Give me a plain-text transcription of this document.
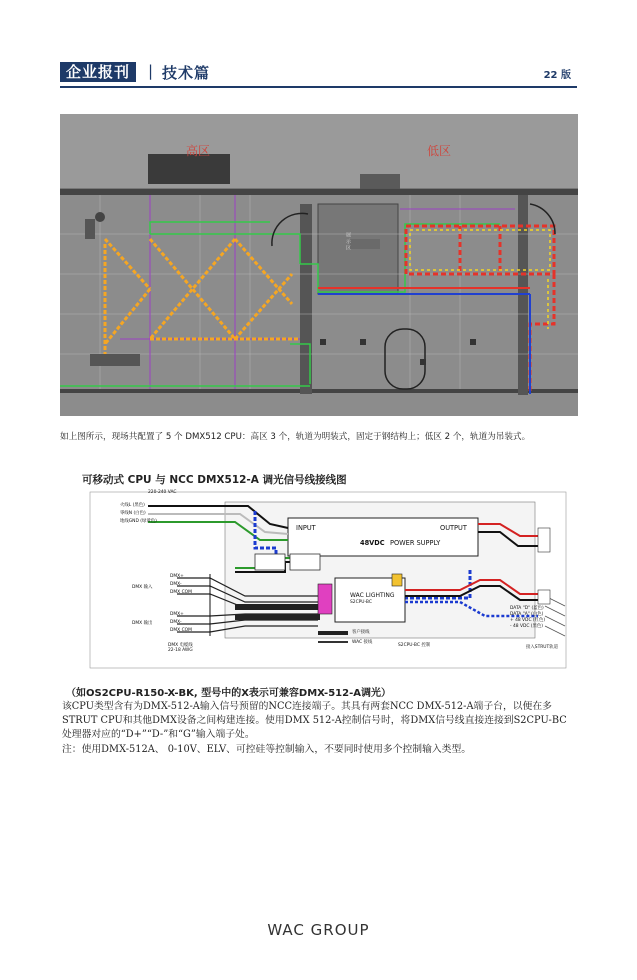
企业报刊	| 技术篇	22 版
高区	低区
展 示 区
如上图所示，现场共配置了 5 个 DMX512 CPU：高区 3 个，轨道为明装式，固定于钢结构上；低区 2 个，轨道为吊装式。
可移动式 CPU 与 NCC DMX512-A 调光信号线接线图
220-240 VAC
火线L (黑色)
零线N (白色)
地线GND (绿黄色)
DMX 输入
DMX+
DMX-
DMX COM
DMX 输出
DMX+
DMX-
DMX COM
DMX 电缆线
22-18 AWG
INPUT	OUTPUT
48VDC POWER SUPPLY
WAC LIGHTING
S2CPU-BC
S2CPU-BC 控制
客户接线
WAC 接线
DATA "D" (蓝色)
DATA "A" (白色)
+ 48 VDC (红色)
- 48 VDC (黑色)
接入STRUT轨道
（如OS2CPU-R150-X-BK, 型号中的X表示可兼容DMX-512-A调光）
该CPU类型含有为DMX-512-A输入信号预留的NCC连接端子。其具有两套NCC DMX-512-A端子台，以便在多STRUT CPU和其他DMX设备之间构建连接。使用DMX 512-A控制信号时，将DMX信号线直接连接到S2CPU-BC处理器对应的“D+”“D-”和“G”输入端子处。
注：使用DMX-512A、 0-10V、ELV、可控硅等控制输入，不要同时使用多个控制输入类型。
WAC GROUP
